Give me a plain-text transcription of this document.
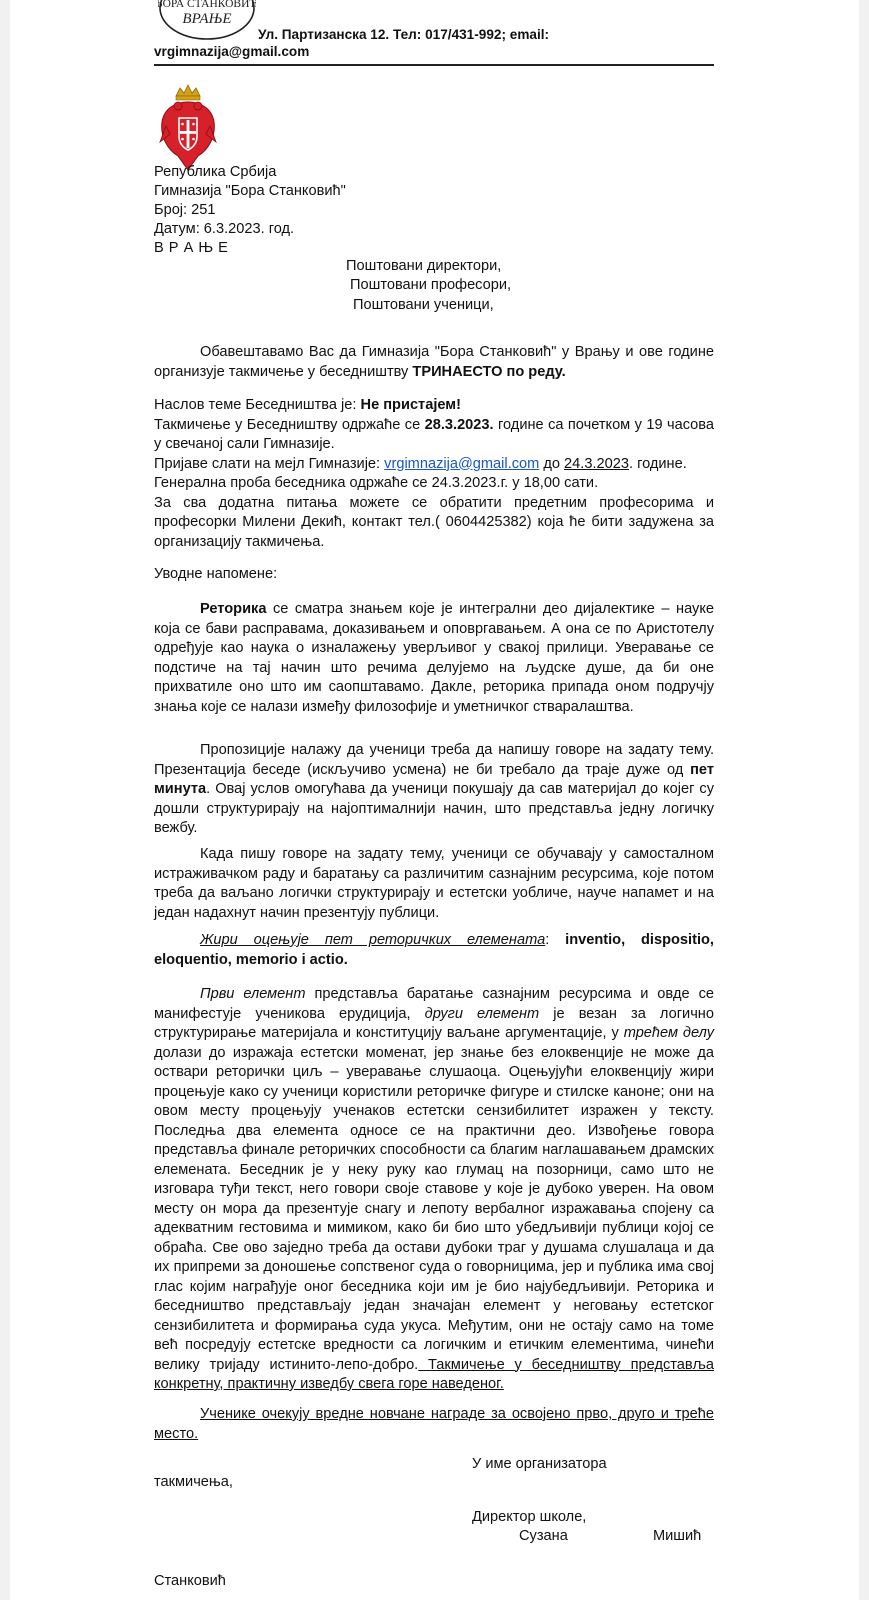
БОРА СТАНКОВИЋ
ВРАЊЕ
Ул. Партизанска 12. Тел: 017/431-992; email:
vrgimnazija@gmail.com
Република Србија
Гимназија "Бора Станковић"
Број: 251
Датум: 6.3.2023. год.
В Р А Њ Е
Поштовани директори,
Поштовани професори,
Поштовани ученици,
Обавештавамо Вас да Гимназија "Бора Станковић" у Врању и ове године организује такмичење у беседништву ТРИНАЕСТО по реду.
Наслов теме Беседништва је: Не пристајем!
Такмичење у Беседништву одржаће се 28.3.2023. године са почетком у 19 часова у свечаној сали Гимназије.
Пријаве слати на мејл Гимназије: vrgimnazija@gmail.com до 24.3.2023. године.
Генерална проба беседника одржаће се 24.3.2023.г. у 18,00 сати.
За сва додатна питања можете се обратити предетним професорима и професорки Милени Декић, контакт тел.( 0604425382) која ће бити задужена за организацију такмичења.
Уводне напомене:
Реторика се сматра знањем које је интегрални део дијалектике – науке која се бави расправама, доказивањем и оповргавањем. А она се по Аристотелу одређује као наука о изналажењу уверљивог у свакој прилици. Уверавање се подстиче на тај начин што речима делујемо на људске душе, да би оне прихватиле оно што им саопштавамо. Дакле, реторика припада оном подручју знања које се налази између филозофије и уметничког стваралаштва.
Пропозиције налажу да ученици треба да напишу говоре на задату тему. Презентација беседе (искључиво усмена) не би требало да траје дуже од пет минута. Овај услов омогућава да ученици покушају да сав материјал до којег су дошли структурирају на најоптималнији начин, што представља једну логичку вежбу.
Када пишу говоре на задату тему, ученици се обучавају у самосталном истраживачком раду и баратању са различитим сазнајним ресурсима, које потом треба да ваљано логички структурирају и естетски уобличе, науче напамет и на један надахнут начин презентују публици.
Жири оцењује пет реторичких елемената: inventio, dispositio, eloquentio, memorio i actio.
Први елемент представља баратање сазнајним ресурсима и овде се манифестује ученикова ерудиција, други елемент је везан за логично структурирање материјала и конституцију ваљане аргументације, у трећем делу долази до изражаја естетски моменат, јер знање без елоквенције не може да оствари реторички циљ – уверавање слушаоца. Оцењујући елоквенцију жири процењује како су ученици користили реторичке фигуре и стилске каноне; они на овом месту процењују ученаков естетски сензибилитет изражен у тексту. Последња два елемента односе се на практични део. Извођење говора представља финале реторичких способности са благим наглашавањем драмских елемената. Беседник је у неку руку као глумац на позорници, само што не изговара туђи текст, него говори своје ставове у које је дубоко уверен. На овом месту он мора да презентује снагу и лепоту вербалног изражавања спојену са адекватним гестовима и мимиком, како би био што убедљивији публици којој се обраћа. Све ово заједно треба да остави дубоки траг у душама слушалаца и да их припреми за доношење сопственог суда о говорницима, јер и публика има свој глас којим награђује оног беседника који им је био најубедљивији. Реторика и беседништво представљају један значајан елемент у неговању естетског сензибилитета и формирања суда укуса. Међутим, они не остају само на томе већ посредују естетске вредности са логичким и етичким елементима, чинећи велику тријаду истинито-лепо-добро. Такмичење у беседништву представља конкретну, практичну изведбу свега горе наведеног.
Ученике очекују вредне новчане награде за освојено прво, друго и треће место.
У име организатора
такмичења,
Директор школе,
Сузана	Мишић
Станковић
